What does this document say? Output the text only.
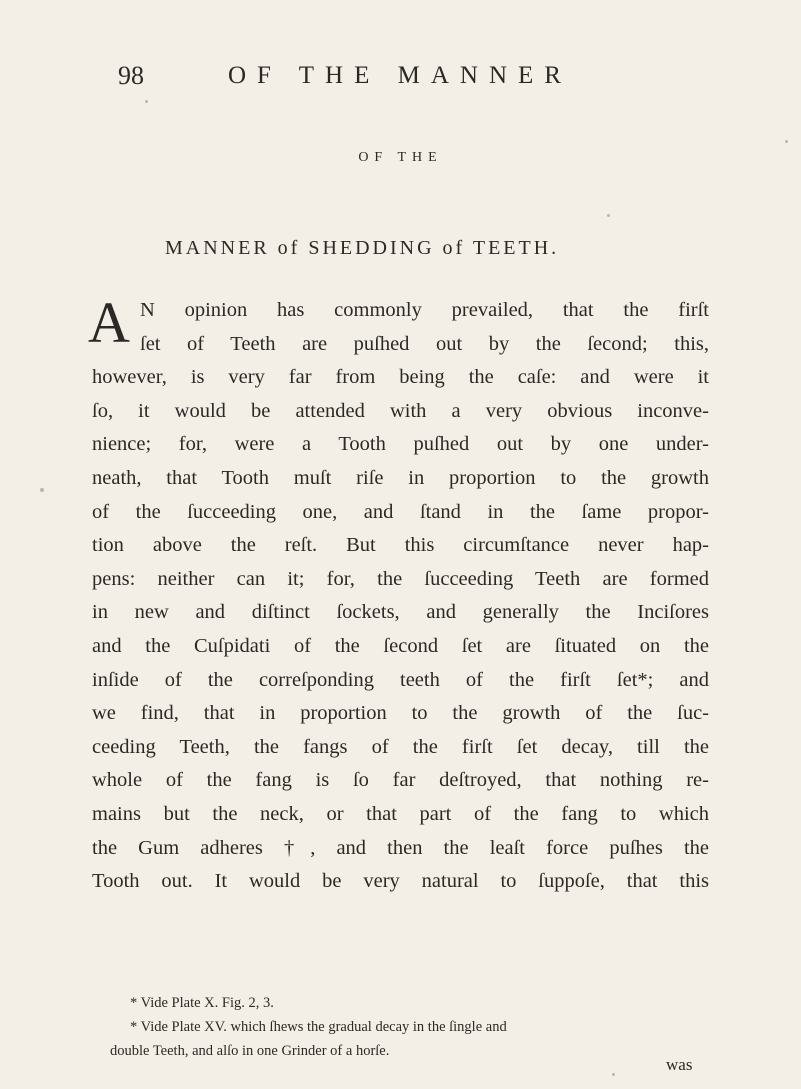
98	OF THE MANNER
OF THE
MANNER of SHEDDING of TEETH.
A N opinion has commonly prevailed, that the firſt
ſet of Teeth are puſhed out by the ſecond; this,
however, is very far from being the caſe: and were it
ſo, it would be attended with a very obvious inconve-
nience; for, were a Tooth puſhed out by one under-
neath, that Tooth muſt riſe in proportion to the growth
of the ſucceeding one, and ſtand in the ſame propor-
tion above the reſt. But this circumſtance never hap-
pens: neither can it; for, the ſucceeding Teeth are formed
in new and diſtinct ſockets, and generally the Inciſores
and the Cuſpidati of the ſecond ſet are ſituated on the
inſide of the correſponding teeth of the firſt ſet*; and
we find, that in proportion to the growth of the ſuc-
ceeding Teeth, the fangs of the firſt ſet decay, till the
whole of the fang is ſo far deſtroyed, that nothing re-
mains but the neck, or that part of the fang to which
the Gum adheres †, and then the leaſt force puſhes the
Tooth out. It would be very natural to ſuppoſe, that this
* Vide Plate X. Fig. 2, 3.
* Vide Plate XV. which ſhews the gradual decay in the ſingle and
double Teeth, and alſo in one Grinder of a horſe.
was
